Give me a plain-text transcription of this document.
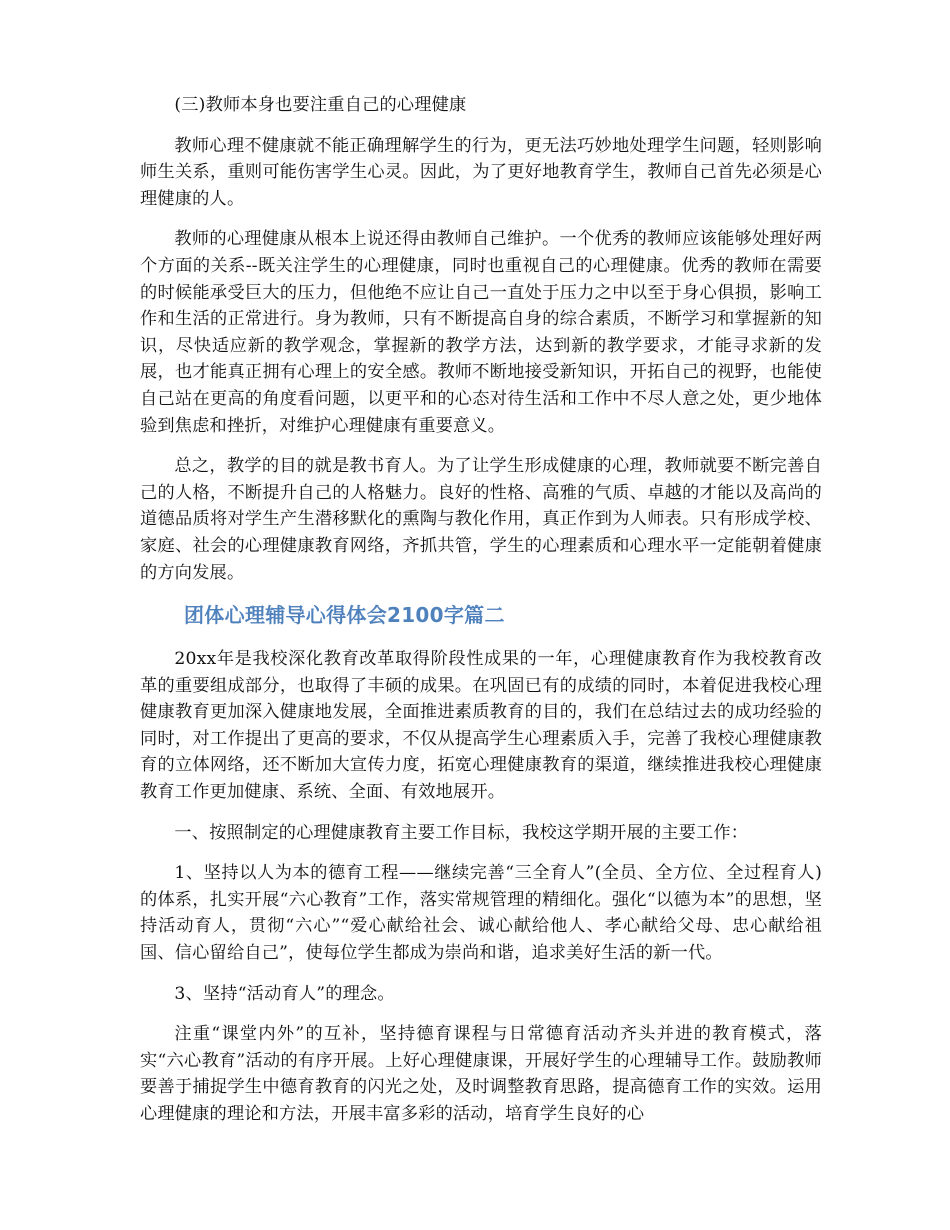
(三)教师本身也要注重自己的心理健康

教师心理不健康就不能正确理解学生的行为，更无法巧妙地处理学生问题，轻则影响师生关系，重则可能伤害学生心灵。因此，为了更好地教育学生，教师自己首先必须是心理健康的人。

教师的心理健康从根本上说还得由教师自己维护。一个优秀的教师应该能够处理好两个方面的关系--既关注学生的心理健康，同时也重视自己的心理健康。优秀的教师在需要的时候能承受巨大的压力，但他绝不应让自己一直处于压力之中以至于身心俱损，影响工作和生活的正常进行。身为教师，只有不断提高自身的综合素质，不断学习和掌握新的知识，尽快适应新的教学观念，掌握新的教学方法，达到新的教学要求，才能寻求新的发展，也才能真正拥有心理上的安全感。教师不断地接受新知识，开拓自己的视野，也能使自己站在更高的角度看问题，以更平和的心态对待生活和工作中不尽人意之处，更少地体验到焦虑和挫折，对维护心理健康有重要意义。

总之，教学的目的就是教书育人。为了让学生形成健康的心理，教师就要不断完善自己的人格，不断提升自己的人格魅力。良好的性格、高雅的气质、卓越的才能以及高尚的道德品质将对学生产生潜移默化的熏陶与教化作用，真正作到为人师表。只有形成学校、家庭、社会的心理健康教育网络，齐抓共管，学生的心理素质和心理水平一定能朝着健康的方向发展。

团体心理辅导心得体会2100字篇二

20xx年是我校深化教育改革取得阶段性成果的一年，心理健康教育作为我校教育改革的重要组成部分，也取得了丰硕的成果。在巩固已有的成绩的同时，本着促进我校心理健康教育更加深入健康地发展，全面推进素质教育的目的，我们在总结过去的成功经验的同时，对工作提出了更高的要求，不仅从提高学生心理素质入手，完善了我校心理健康教育的立体网络，还不断加大宣传力度，拓宽心理健康教育的渠道，继续推进我校心理健康教育工作更加健康、系统、全面、有效地展开。

一、按照制定的心理健康教育主要工作目标，我校这学期开展的主要工作：

1、坚持以人为本的德育工程——继续完善“三全育人”(全员、全方位、全过程育人)的体系，扎实开展“六心教育”工作，落实常规管理的精细化。强化“以德为本”的思想，坚持活动育人，贯彻“六心”“爱心献给社会、诚心献给他人、孝心献给父母、忠心献给祖国、信心留给自己”，使每位学生都成为崇尚和谐，追求美好生活的新一代。

3、坚持“活动育人”的理念。

注重“课堂内外”的互补，坚持德育课程与日常德育活动齐头并进的教育模式，落实“六心教育”活动的有序开展。上好心理健康课，开展好学生的心理辅导工作。鼓励教师要善于捕捉学生中德育教育的闪光之处，及时调整教育思路，提高德育工作的实效。运用心理健康的理论和方法，开展丰富多彩的活动，培育学生良好的心
